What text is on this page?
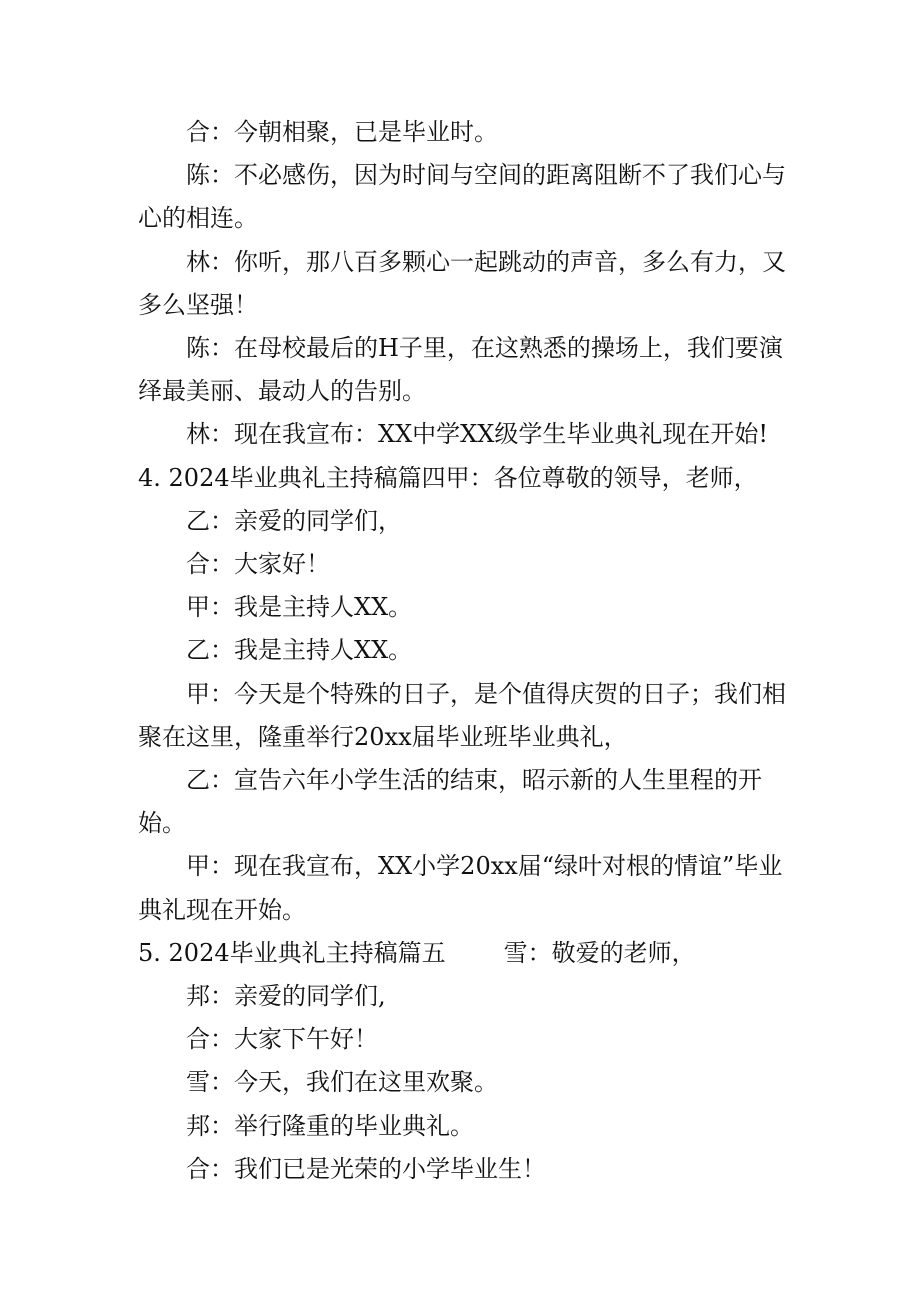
合：今朝相聚，已是毕业时。

陈：不必感伤，因为时间与空间的距离阻断不了我们心与心的相连。

林：你听，那八百多颗心一起跳动的声音，多么有力，又多么坚强！

陈：在母校最后的H子里，在这熟悉的操场上，我们要演绎最美丽、最动人的告别。

林：现在我宣布：XX中学XX级学生毕业典礼现在开始!

4. 2024毕业典礼主持稿篇四甲：各位尊敬的领导，老师，

乙：亲爱的同学们，

合：大家好！

甲：我是主持人XX。

乙：我是主持人XX。

甲：今天是个特殊的日子，是个值得庆贺的日子；我们相聚在这里，隆重举行20xx届毕业班毕业典礼，

乙：宣告六年小学生活的结束，昭示新的人生里程的开始。

甲：现在我宣布，XX小学20xx届“绿叶对根的情谊”毕业典礼现在开始。

5. 2024毕业典礼主持稿篇五 雪：敬爱的老师，

邦：亲爱的同学们,

合：大家下午好！

雪：今天，我们在这里欢聚。

邦：举行隆重的毕业典礼。

合：我们已是光荣的小学毕业生！
